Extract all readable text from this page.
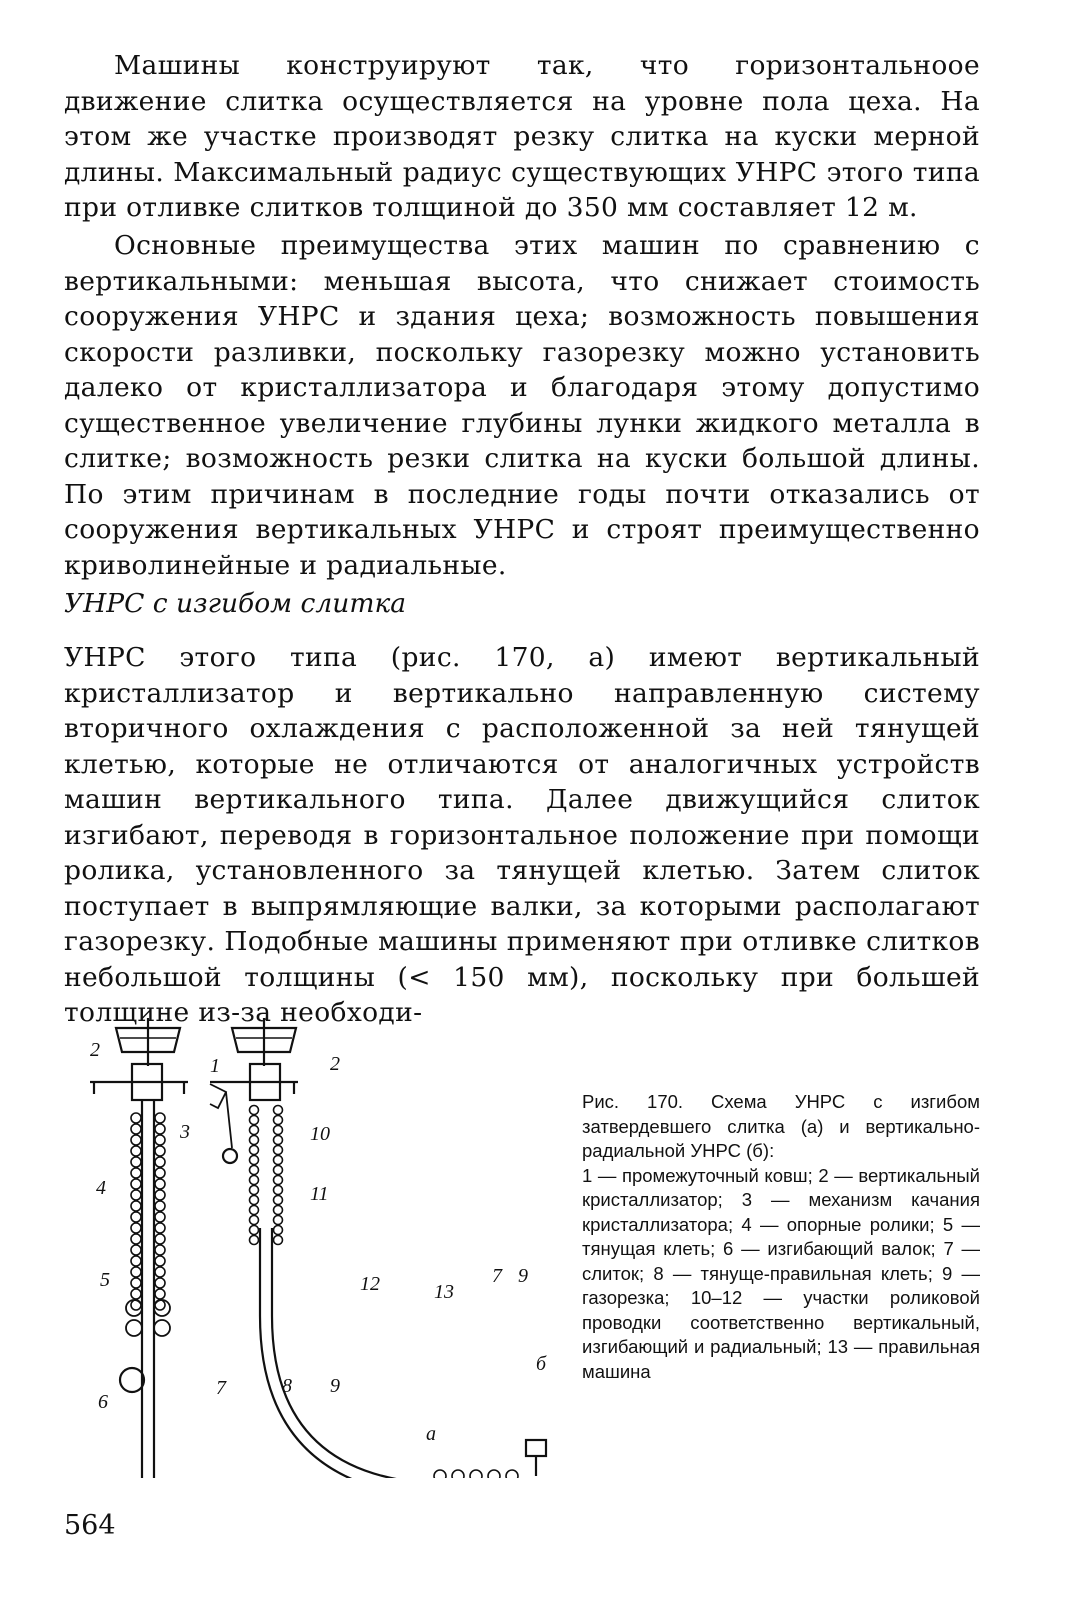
Машины конструируют так, что горизонтальноое движение слитка осуществляется на уровне пола цеха. На этом же участке производят резку слитка на куски мерной длины. Максимальный радиус существующих УНРС этого типа при отливке слитков толщиной до 350 мм составляет 12 м.

Основные преимущества этих машин по сравнению с вертикальными: меньшая высота, что снижает стоимость сооружения УНРС и здания цеха; возможность повышения скорости разливки, поскольку газорезку можно установить далеко от кристаллизатора и благодаря этому допустимо существенное увеличение глубины лунки жидкого металла в слитке; возможность резки слитка на куски большой длины. По этим причинам в последние годы почти отказались от сооружения вертикальных УНРС и строят преимущественно криволинейные и радиальные.

УНРС с изгибом слитка

УНРС этого типа (рис. 170, а) имеют вертикальный кристаллизатор и вертикально направленную систему вторичного охлаждения с расположенной за ней тянущей клетью, которые не отличаются от аналогичных устройств машин вертикального типа. Далее движущийся слиток изгибают, переводя в горизонтальное положение при помощи ролика, установленного за тянущей клетью. Затем слиток поступает в выпрямляющие валки, за которыми располагают газорезку. Подобные машины применяют при отливке слитков небольшой толщины (< 150 мм), поскольку при большей толщине из-за необходи-

2
1	2
3
4
5
6
7	8 9
а
10
11
12	13
7 9
б

Рис. 170. Схема УНРС с изгибом затвердевшего слитка (а) и вертикально-радиальной УНРС (б):
1 — промежуточный ковш; 2 — вертикальный кристаллизатор; 3 — механизм качания кристаллизатора; 4 — опорные ролики; 5 — тянущая клеть; 6 — изгибающий валок; 7 — слиток; 8 — тянуще-правильная клеть; 9 — газорезка; 10–12 — участки роликовой проводки соответственно вертикальный, изгибающий и радиальный; 13 — правильная машина

564
